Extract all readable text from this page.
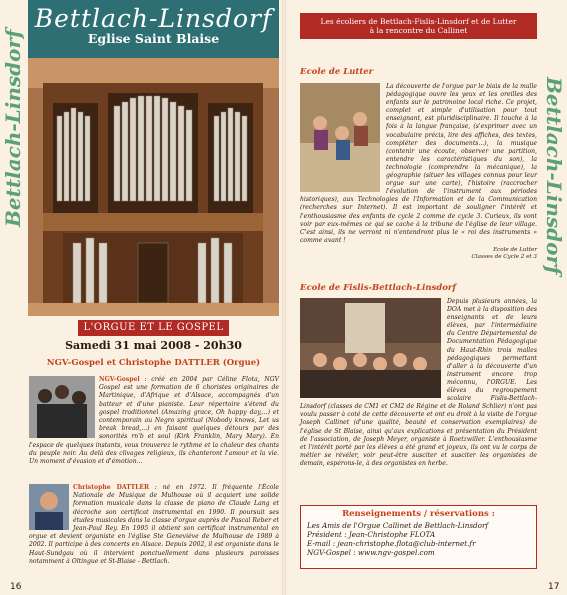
Bettlach-Linsdorf	Bettlach-Linsdorf
Bettlach-Linsdorf
Eglise Saint Blaise
L'ORGUE ET LE GOSPEL
Samedi 31 mai 2008 - 20h30
NGV-Gospel et Christophe DATTLER (Orgue)
NGV-Gospel : créé en 2004 par Céline Flota, NGV Gospel est une formation de 6 choristes originaires de Martinique, d'Afrique et d'Alsace, accompagnés d'un batteur et d'une pianiste. Leur répertoire s'étend du gospel traditionnel (Amazing grace, Oh happy day,...) et contemporain au Negro spiritual (Nobody knows, Let us break bread,...) en faisant quelques détours par des sonorités rn'b et soul (Kirk Franklin, Mary Mary). En l'espace de quelques instants, vous trouverez le rythme et la chaleur des chants du peuple noir. Au delà des clivages religieux, ils chanteront l'amour et la vie. Un moment d'évasion et d'émotion...
Christophe DATTLER : né en 1972. Il fréquente l'École Nationale de Musique de Mulhouse où il acquiert une solide formation musicale dans la classe de piano de Claude Lang et décroche son certificat instrumental en 1990. Il poursuit ses études musicales dans la classe d'orgue auprès de Pascal Reber et Jean-Paul Rey. En 1995 il obtient son certificat instrumental en orgue et devient organiste en l'église Ste Geneviève de Mulhouse de 1989 à 2002. Il participe à des concerts en Alsace. Depuis 2002, il est organiste dans le Haut-Sundgau où il intervient ponctuellement dans plusieurs paroisses notamment à Oltingue et St-Blaise - Bettlach.
16	17
Les écoliers de Bettlach-Fislis-Linsdorf et de Lutter
à la rencontre du Callinet
Ecole de Lutter
La découverte de l'orgue par le biais de la malle pédagogique ouvre les yeux et les oreilles des enfants sur le patrimoine local riche. Ce projet, complet et simple d'utilisation pour tout enseignant, est pluridisciplinaire. Il touche à la fois à la langue française, (s'exprimer avec un vocabulaire précis, lire des affiches, des textes, compléter des documents...), la musique (contenir une écoute, observer une partition, entendre les caractéristiques du son), la technologie (comprendre la mécanique), la géographie (situer les villages connus pour leur orgue sur une carte), l'histoire (raccrocher l'évolution de l'instrument aux périodes historiques), aux Technologies de l'Information et de la Communication (recherches sur Internet). Il est important de souligner l'intérêt et l'enthousiasme des enfants de cycle 2 comme de cycle 3. Curieux, ils vont voir par eux-mêmes ce qui se cache à la tribune de l'église de leur village. C'est ainsi, ils ne verront ni n'entendront plus le « roi des instruments » comme avant !
Ecole de Lutter
Classes de Cycle 2 et 3
Ecole de Fislis-Bettlach-Linsdorf
Depuis plusieurs années, la DOA met à la disposition des enseignants et de leurs élèves, par l'intermédiaire du Centre Départemental de Documentation Pédagogique du Haut-Rhin trois malles pédagogiques permettant d'aller à la découverte d'un instrument encore trop méconnu, l'ORGUE. Les élèves du regroupement scolaire Fislis-Bettlach-Linsdorf (classes de CM1 et CM2 de Régine et de Roland Schlier) n'ont pas voulu passer à coté de cette découverte et ont eu droit à la visite de l'orgue Joseph Callinet (d'une qualité, beauté et conservation exemplaires) de l'église de St Blaise, ainsi qu'aux explications et présentation du Président de l'association, de Joseph Meyer, organiste à Roetzwiller. L'enthousiasme et l'intérêt porté par les élèves a été grand et joyeux, ils ont vu le corps de métier se révéler, voir peut-être susciter et susciter les organistes de demain, espérons-le, à des organistes en herbe.
Renseignements / réservations :
Les Amis de l'Orgue Callinet de Bettlach-Linsdorf
Président : Jean-Christophe FLOTA
E-mail : jean-christophe.flota@club-internet.fr
NGV-Gospel : www.ngv-gospel.com
